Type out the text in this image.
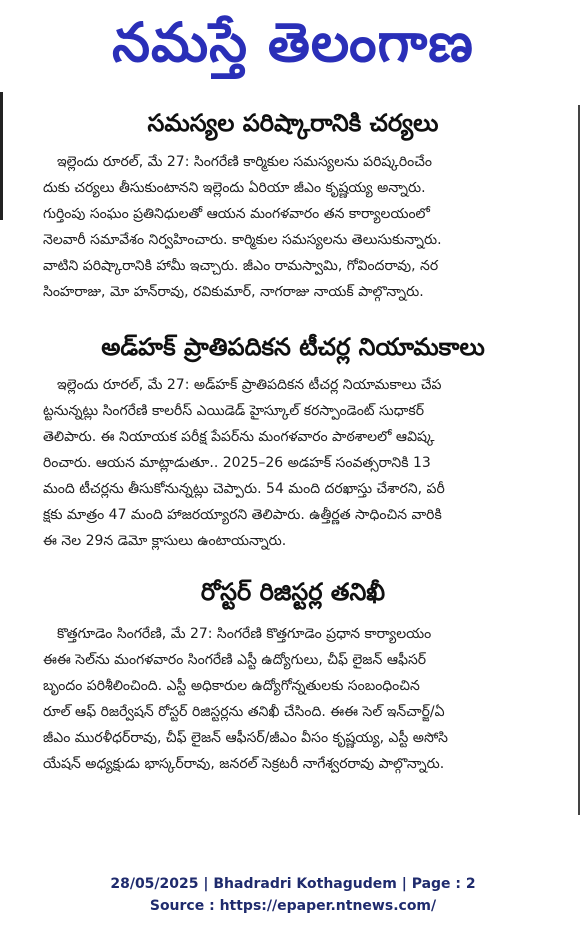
నమస్తే తెలంగాణ
సమస్యల పరిష్కారానికి చర్యలు
ఇల్లెందు రూరల్, మే 27: సింగరేణి కార్మికుల సమస్యలను పరిష్కరించేం
దుకు చర్యలు తీసుకుంటానని ఇల్లెందు ఏరియా జీఎం కృష్ణయ్య అన్నారు.
గుర్తింపు సంఘం ప్రతినిధులతో ఆయన మంగళవారం తన కార్యాలయంలో
నెలవారీ సమావేశం నిర్వహించారు. కార్మికుల సమస్యలను తెలుసుకున్నారు.
వాటిని పరిష్కారానికి హామీ ఇచ్చారు. జీఎం రామస్వామి, గోవిందరావు, నర
సింహరాజు, మో హన్‌రావు, రవికుమార్, నాగరాజు నాయక్ పాల్గొన్నారు.
అడ్‌హక్ ప్రాతిపదికన టీచర్ల నియామకాలు
ఇల్లెందు రూరల్, మే 27: అడ్‌హక్ ప్రాతిపదికన టీచర్ల నియామకాలు చేప
ట్టనున్నట్లు సింగరేణి కాలరీస్ ఎయిడెడ్ హైస్కూల్ కరస్పాండెంట్ సుధాకర్
తెలిపారు. ఈ నియాయక పరీక్ష పేపర్‌ను మంగళవారం పాఠశాలలో ఆవిష్క
రించారు. ఆయన మాట్లాడుతూ.. 2025–26 అడహక్ సంవత్సరానికి 13
మంది టీచర్లను తీసుకోనున్నట్లు చెప్పారు. 54 మంది దరఖాస్తు చేశారని, పరీ
క్షకు మాత్రం 47 మంది హాజరయ్యారని తెలిపారు. ఉత్తీర్ణత సాధించిన వారికి
ఈ నెల 29న డెమో క్లాసులు ఉంటాయన్నారు.
రోస్టర్ రిజిస్టర్ల తనిఖీ
కొత్తగూడెం సింగరేణి, మే 27: సింగరేణి కొత్తగూడెం ప్రధాన కార్యాలయం
ఈఈ సెల్‌ను మంగళవారం సింగరేణి ఎస్టీ ఉద్యోగులు, చీఫ్ లైజన్ ఆఫీసర్
బృందం పరిశీలించింది. ఎస్టీ అధికారుల ఉద్యోగోన్నతులకు సంబంధించిన
రూల్ ఆఫ్ రిజర్వేషన్ రోస్టర్ రిజిస్టర్లను తనిఖీ చేసింది. ఈఈ సెల్ ఇన్‌చార్జ్/ఏ
జీఎం మురళీధర్‌రావు, చీఫ్ లైజన్ ఆఫీసర్/జీఎం వీసం కృష్ణయ్య, ఎస్టీ అసోసి
యేషన్ అధ్యక్షుడు భాస్కర్‌రావు, జనరల్ సెక్రటరీ నాగేశ్వరరావు పాల్గొన్నారు.
28/05/2025 | Bhadradri Kothagudem | Page : 2
Source : https://epaper.ntnews.com/
